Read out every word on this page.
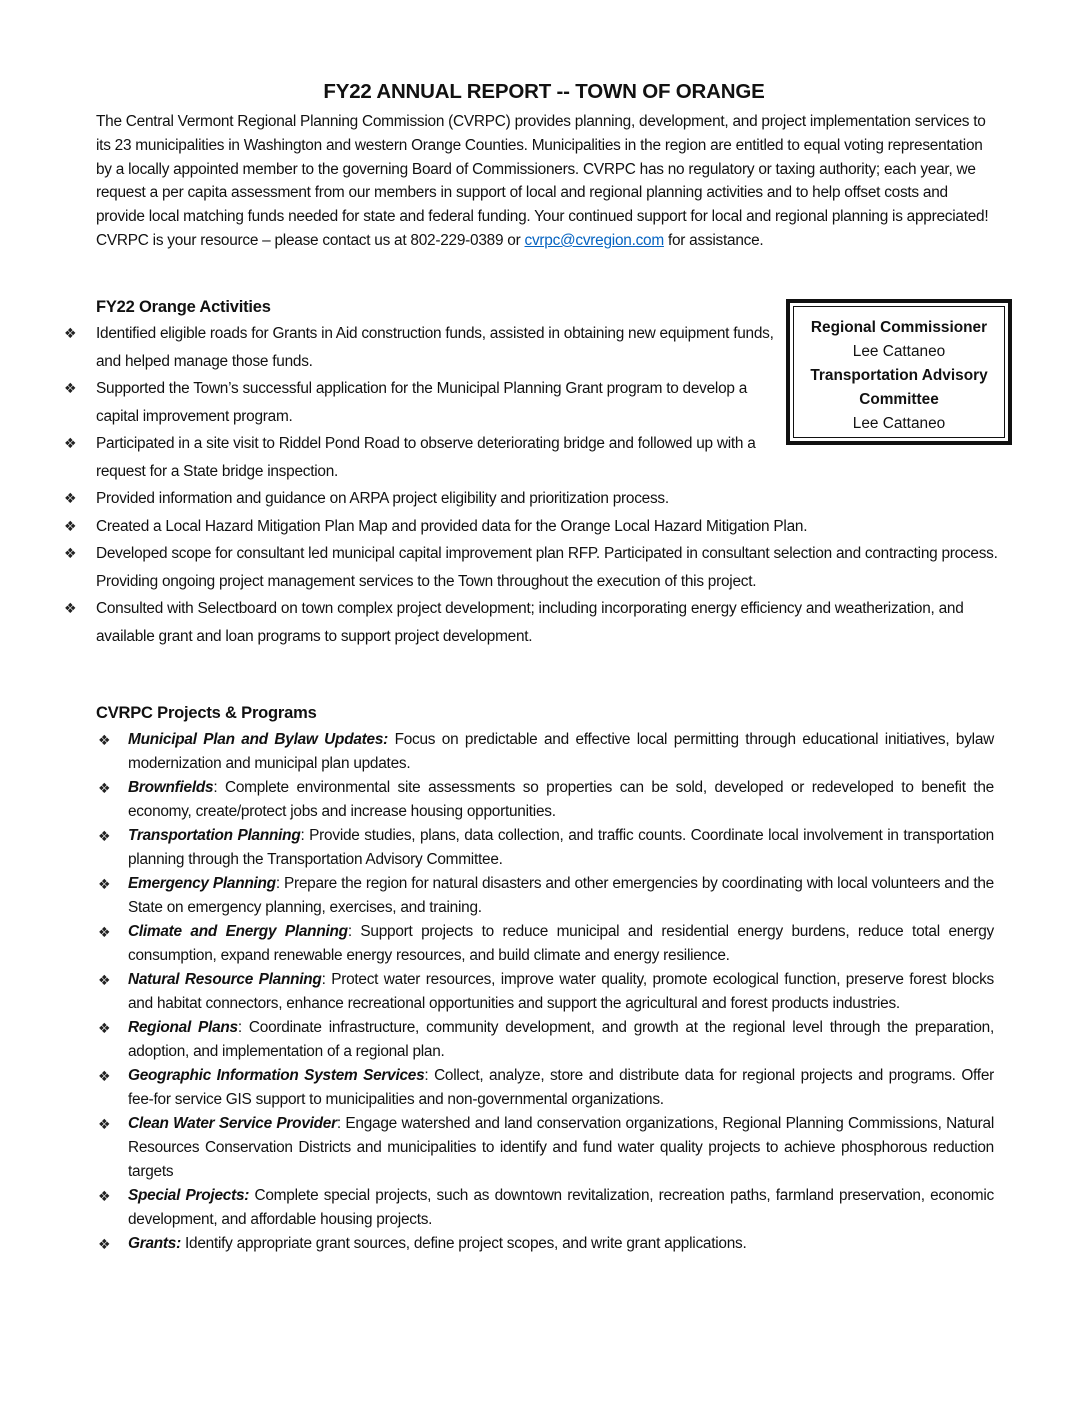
FY22 ANNUAL REPORT -- TOWN OF ORANGE

The Central Vermont Regional Planning Commission (CVRPC) provides planning, development, and project implementation services to its 23 municipalities in Washington and western Orange Counties. Municipalities in the region are entitled to equal voting representation by a locally appointed member to the governing Board of Commissioners. CVRPC has no regulatory or taxing authority; each year, we request a per capita assessment from our members in support of local and regional planning activities and to help offset costs and provide local matching funds needed for state and federal funding. Your continued support for local and regional planning is appreciated! CVRPC is your resource – please contact us at 802-229-0389 or cvrpc@cvregion.com for assistance.

FY22 Orange Activities
Regional Commissioner
Lee Cattaneo
Transportation Advisory
Committee
Lee Cattaneo
❖ Identified eligible roads for Grants in Aid construction funds, assisted in obtaining new equipment funds, and helped manage those funds.
❖ Supported the Town’s successful application for the Municipal Planning Grant program to develop a capital improvement program.
❖ Participated in a site visit to Riddel Pond Road to observe deteriorating bridge and followed up with a request for a State bridge inspection.
❖ Provided information and guidance on ARPA project eligibility and prioritization process.
❖ Created a Local Hazard Mitigation Plan Map and provided data for the Orange Local Hazard Mitigation Plan.
❖ Developed scope for consultant led municipal capital improvement plan RFP. Participated in consultant selection and contracting process. Providing ongoing project management services to the Town throughout the execution of this project.
❖ Consulted with Selectboard on town complex project development; including incorporating energy efficiency and weatherization, and available grant and loan programs to support project development.
CVRPC Projects & Programs
❖ Municipal Plan and Bylaw Updates: Focus on predictable and effective local permitting through educational initiatives, bylaw modernization and municipal plan updates.
❖ Brownfields: Complete environmental site assessments so properties can be sold, developed or redeveloped to benefit the economy, create/protect jobs and increase housing opportunities.
❖ Transportation Planning: Provide studies, plans, data collection, and traffic counts. Coordinate local involvement in transportation planning through the Transportation Advisory Committee.
❖ Emergency Planning: Prepare the region for natural disasters and other emergencies by coordinating with local volunteers and the State on emergency planning, exercises, and training.
❖ Climate and Energy Planning: Support projects to reduce municipal and residential energy burdens, reduce total energy consumption, expand renewable energy resources, and build climate and energy resilience.
❖ Natural Resource Planning: Protect water resources, improve water quality, promote ecological function, preserve forest blocks and habitat connectors, enhance recreational opportunities and support the agricultural and forest products industries.
❖ Regional Plans: Coordinate infrastructure, community development, and growth at the regional level through the preparation, adoption, and implementation of a regional plan.
❖ Geographic Information System Services: Collect, analyze, store and distribute data for regional projects and programs. Offer fee-for service GIS support to municipalities and non-governmental organizations.
❖ Clean Water Service Provider: Engage watershed and land conservation organizations, Regional Planning Commissions, Natural Resources Conservation Districts and municipalities to identify and fund water quality projects to achieve phosphorous reduction targets
❖ Special Projects: Complete special projects, such as downtown revitalization, recreation paths, farmland preservation, economic development, and affordable housing projects.
❖ Grants: Identify appropriate grant sources, define project scopes, and write grant applications.
